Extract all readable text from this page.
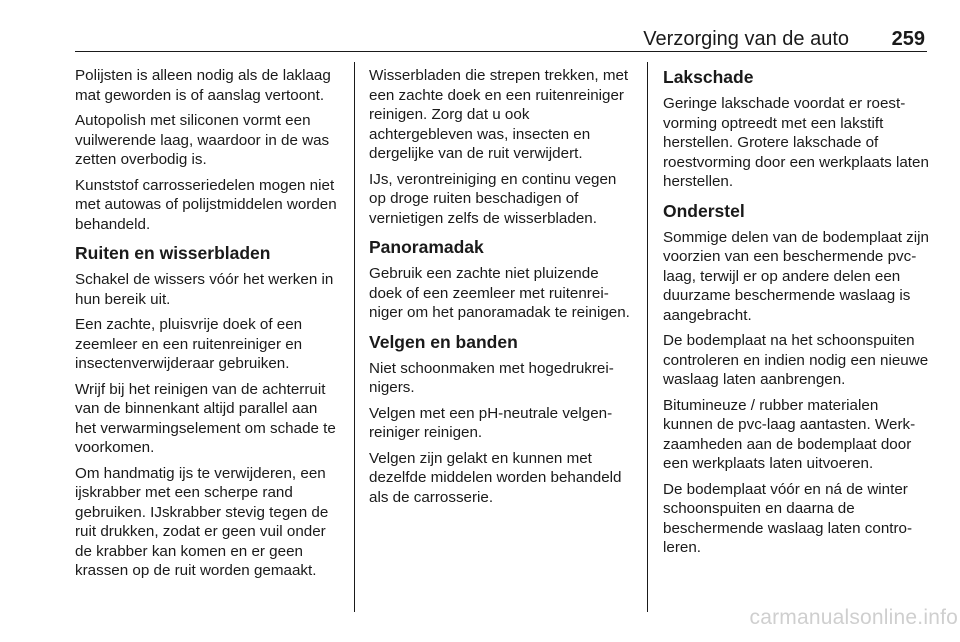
Verzorging van de auto 259

Polijsten is alleen nodig als de laklaag mat geworden is of aanslag vertoont.

Autopolish met siliconen vormt een vuilwerende laag, waardoor in de was zetten overbodig is.

Kunststof carrosseriedelen mogen niet met autowas of polijstmiddelen worden behandeld.

Ruiten en wisserbladen

Schakel de wissers vóór het werken in hun bereik uit.

Een zachte, pluisvrije doek of een zeemleer en een ruitenreiniger en insectenverwijderaar gebruiken.

Wrijf bij het reinigen van de achterruit van de binnenkant altijd parallel aan het verwarmingselement om schade te voorkomen.

Om handmatig ijs te verwijderen, een ijskrabber met een scherpe rand gebruiken. IJskrabber stevig tegen de ruit drukken, zodat er geen vuil onder de krabber kan komen en er geen krassen op de ruit worden gemaakt.

Wisserbladen die strepen trekken, met een zachte doek en een ruitenreiniger reinigen. Zorg dat u ook achtergebleven was, insecten en dergelijke van de ruit verwijdert.

IJs, verontreiniging en continu vegen op droge ruiten beschadigen of vernietigen zelfs de wisserbladen.

Panoramadak

Gebruik een zachte niet pluizende doek of een zeemleer met ruitenreiniger om het panoramadak te reinigen.

Velgen en banden

Niet schoonmaken met hogedrukreinigers.

Velgen met een pH-neutrale velgenreiniger reinigen.

Velgen zijn gelakt en kunnen met dezelfde middelen worden behandeld als de carrosserie.

Lakschade

Geringe lakschade voordat er roestvorming optreedt met een lakstift herstellen. Grotere lakschade of roestvorming door een werkplaats laten herstellen.

Onderstel

Sommige delen van de bodemplaat zijn voorzien van een beschermende pvc-laag, terwijl er op andere delen een duurzame beschermende waslaag is aangebracht.

De bodemplaat na het schoonspuiten controleren en indien nodig een nieuwe waslaag laten aanbrengen.

Bitumineuze / rubber materialen kunnen de pvc-laag aantasten. Werkzaamheden aan de bodemplaat door een werkplaats laten uitvoeren.

De bodemplaat vóór en ná de winter schoonspuiten en daarna de beschermende waslaag laten controleren.

carmanualsonline.info
